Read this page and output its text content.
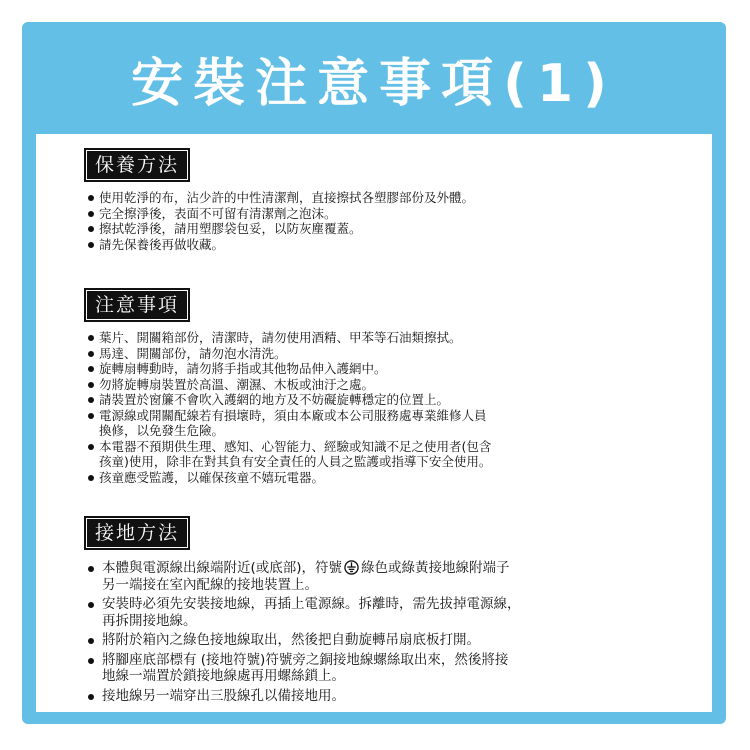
安裝注意事項(1)
保養方法
使用乾淨的布，沾少許的中性清潔劑，直接擦拭各塑膠部份及外體。
完全擦淨後，表面不可留有清潔劑之泡沫。
擦拭乾淨後，請用塑膠袋包妥，以防灰塵覆蓋。
請先保養後再做收藏。
注意事項
葉片、開關箱部份，清潔時，請勿使用酒精、甲苯等石油類擦拭。
馬達、開關部份，請勿泡水清洗。
旋轉扇轉動時，請勿將手指或其他物品伸入護網中。
勿將旋轉扇裝置於高溫、潮濕、木板或油汙之處。
請裝置於窗簾不會吹入護網的地方及不妨礙旋轉穩定的位置上。
電源線或開關配線若有損壞時，須由本廠或本公司服務處專業維修人員
換修，以免發生危險。
本電器不預期供生理、感知、心智能力、經驗或知識不足之使用者(包含
孩童)使用，除非在對其負有安全責任的人員之監護或指導下安全使用。
孩童應受監護，以確保孩童不嬉玩電器。
接地方法
本體與電源線出線端附近(或底部)，符號 綠色或綠黃接地線附端子
另一端接在室內配線的接地裝置上。
安裝時必須先安裝接地線，再插上電源線。拆離時，需先拔掉電源線，
再拆開接地線。
將附於箱內之綠色接地線取出，然後把自動旋轉吊扇底板打開。
將腳座底部標有 (接地符號)符號旁之銅接地線螺絲取出來，然後將接
地線一端置於鎖接地線處再用螺絲鎖上。
接地線另一端穿出三股線孔以備接地用。
